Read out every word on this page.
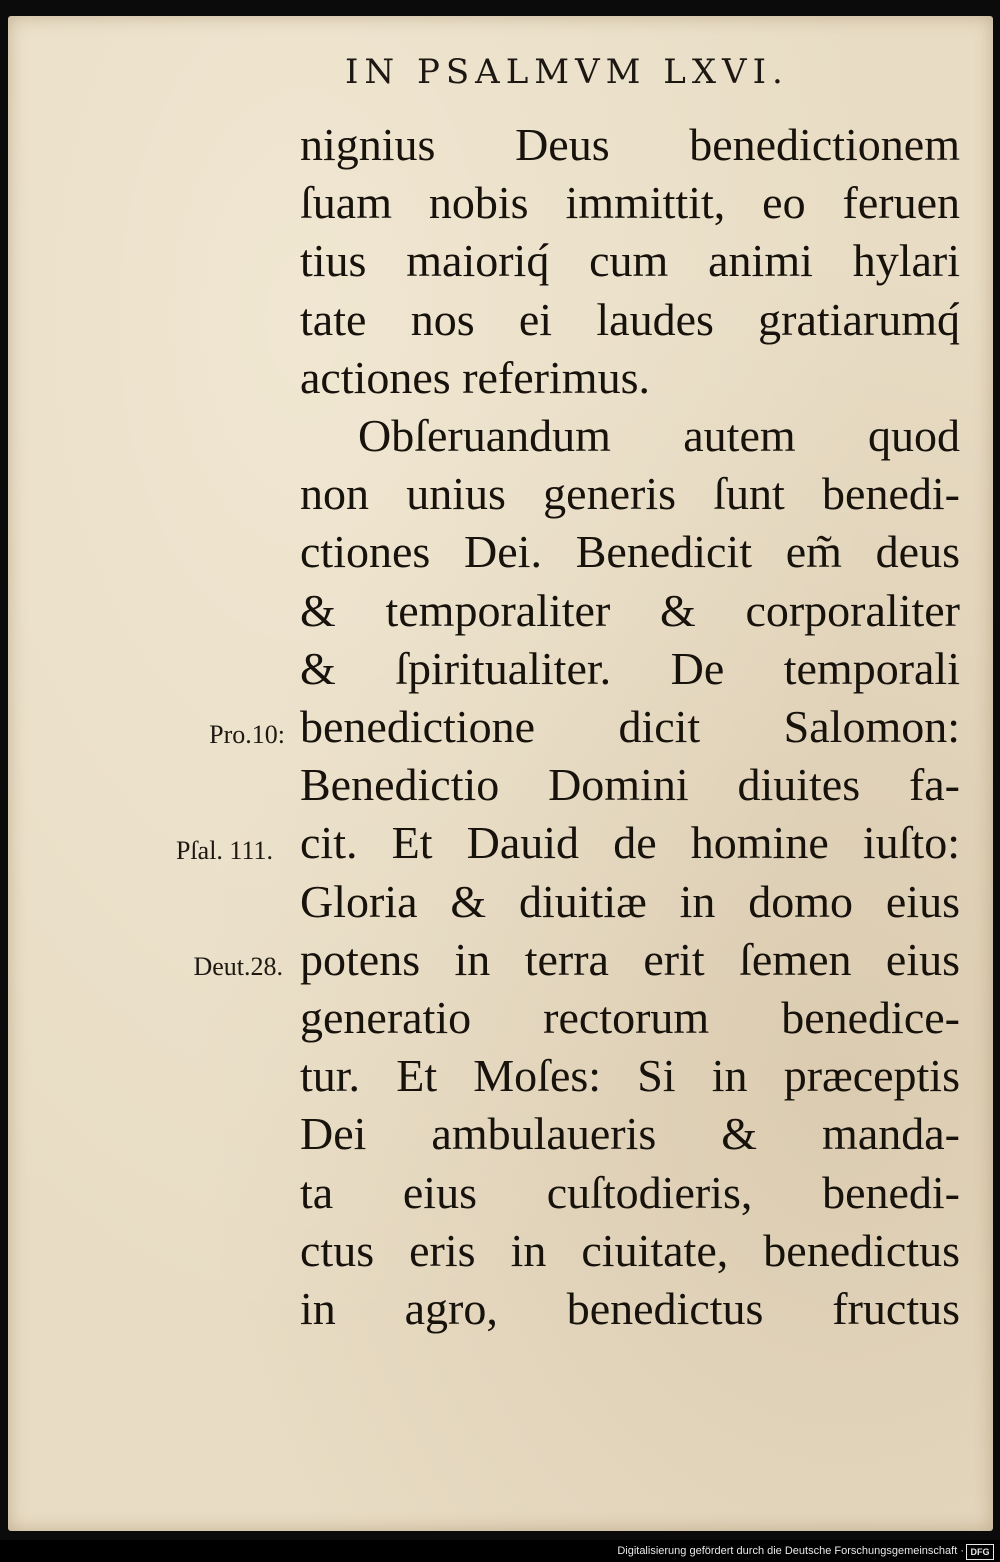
IN PSALMVM LXVI.
nignius Deus benedictionem
ſuam nobis immittit, eo feruen
tius maioriq́ cum animi hylari
tate nos ei laudes gratiarumq́
actiones referimus.
Obſeruandum autem quod
non unius generis ſunt benedi-
ctiones Dei. Benedicit em̃ deus
& temporaliter & corporaliter
& ſpiritualiter. De temporali
benedictione dicit Salomon:
Benedictio Domini diuites fa-
cit. Et Dauid de homine iuſto:
Gloria & diuitiæ in domo eius
potens in terra erit ſemen eius
generatio rectorum benedice-
tur. Et Moſes: Si in præceptis
Dei ambulaueris & manda-
ta eius cuſtodieris, benedi-
ctus eris in ciuitate, benedictus
in agro, benedictus fructus
Pro.10:
Pſal. 111.
Deut.28.
Digitalisierung gefördert durch die Deutsche Forschungsgemeinschaft · DFG
